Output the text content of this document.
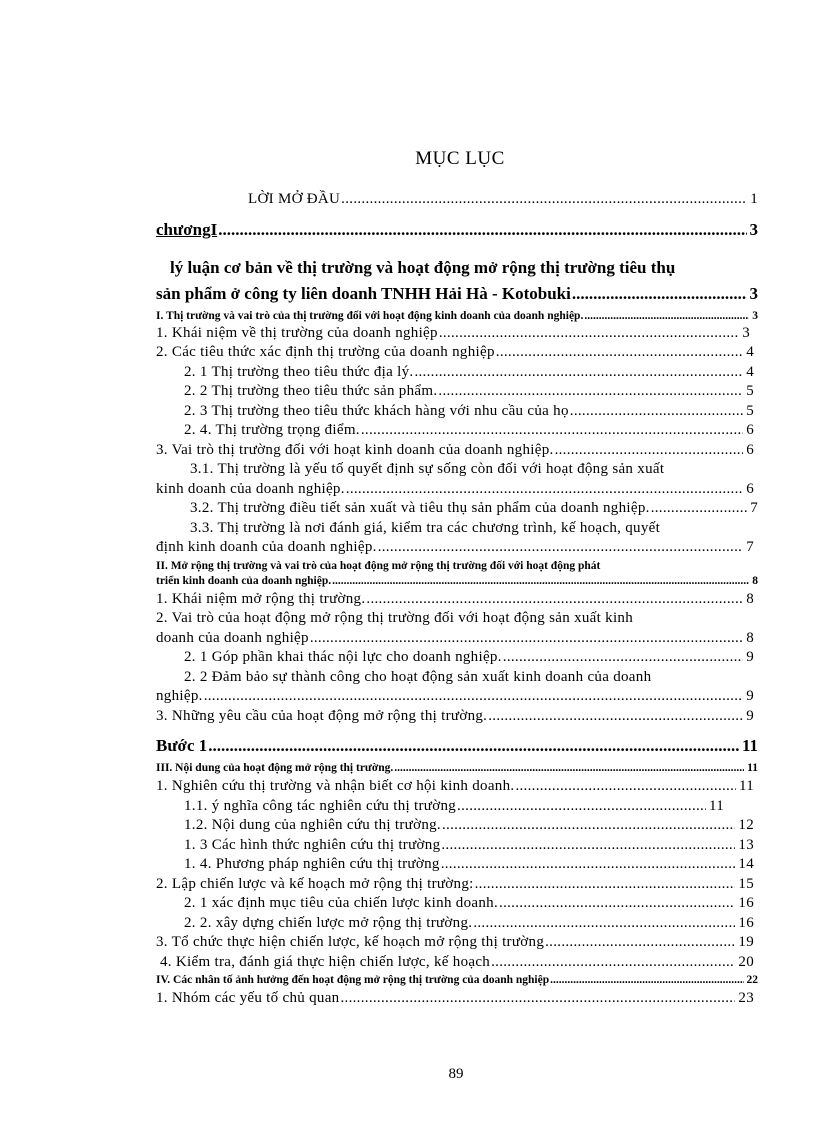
MỤC LỤC
LỜI MỞ ĐẦU .....	1
chươngI .....	3
lý luận cơ bản về thị trường và hoạt động mở rộng thị trường tiêu thụ
sản phẩm ở công ty liên doanh TNHH Hải Hà - Kotobuki .....	3
I. Thị trường và vai trò của thị trường đối với hoạt động kinh doanh của doanh nghiệp. .....	3
1. Khái niệm về thị trường của doanh nghiệp .....	3
2. Các tiêu thức xác định thị trường của doanh nghiệp .....	4
2. 1 Thị trường theo tiêu thức địa lý. .....	4
2. 2 Thị trường theo tiêu thức sản phẩm. .....	5
2. 3 Thị trường theo tiêu thức khách hàng với nhu cầu của họ .....	5
2. 4. Thị trường trọng điểm. .....	6
3. Vai trò thị trường đối với hoạt kinh doanh của doanh nghiệp. .....	6
3.1. Thị trường là yếu tố quyết định sự sống còn đối với hoạt động sản xuất
kinh doanh của doanh nghiệp. .....	6
3.2. Thị trường điều tiết sản xuất và tiêu thụ sản phẩm của doanh nghiệp. .....	7
3.3. Thị trường là nơi đánh giá, kiểm tra các chương trình, kế hoạch, quyết
định kinh doanh của doanh nghiệp. .....	7
II. Mở rộng thị trường và vai trò của hoạt động mở rộng thị trường đối với hoạt động phát
triển kinh doanh của doanh nghiệp. .....	8
1. Khái niệm mở rộng thị trường. .....	8
2. Vai trò của hoạt động mở rộng thị trường đối với hoạt động sản xuất kinh
doanh của doanh nghiệp .....	8
2. 1 Góp phần khai thác nội lực cho doanh nghiệp. .....	9
2. 2 Đảm bảo sự thành công cho hoạt động sản xuất kinh doanh của doanh
nghiệp. .....	9
3. Những yêu cầu của hoạt động mở rộng thị trường. .....	9
Bước 1 .....	11
III. Nội dung của hoạt động mở rộng thị trường. .....	11
1. Nghiên cứu thị trường và nhận biết cơ hội kinh doanh. .....	11
1.1. ý nghĩa công tác nghiên cứu thị trường .....	11
1.2. Nội dung của nghiên cứu thị trường. .....	12
1. 3 Các hình thức nghiên cứu thị trường .....	13
1. 4. Phương pháp nghiên cứu thị trường .....	14
2. Lập chiến lược và kế hoạch mở rộng thị trường: .....	15
2. 1 xác định mục tiêu của chiến lược kinh doanh. .....	16
2. 2. xây dựng chiến lược mở rộng thị trường. .....	16
3. Tổ chức thực hiện chiến lược, kế hoạch mở rộng thị trường .....	19
4. Kiểm tra, đánh giá thực hiện chiến lược, kế hoạch .....	20
IV. Các nhân tố ảnh hưởng đến hoạt động mở rộng thị trường của doanh nghiệp .....	22
1. Nhóm các yếu tố chủ quan .....	23
89
